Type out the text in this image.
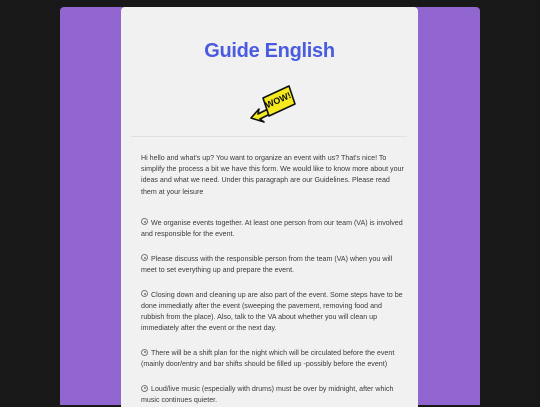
Guide English
WOW!

Hi hello and what's up? You want to organize an event with us? That's nice! To simplify the process a bit we have this form. We would like to know more about your ideas and what we need. Under this paragraph are our Guidelines. Please read them at your leisure

We organise events together. At least one person from our team (VA) is involved and responsible for the event.

Please discuss with the responsible person from the team (VA) when you will meet to set everything up and prepare the event.

Closing down and cleaning up are also part of the event. Some steps have to be done immediatly after the event (sweeping the pavement, removing food and rubbish from the place). Also, talk to the VA about whether you will clean up immediately after the event or the next day.

There will be a shift plan for the night which will be circulated before the event (mainly door/entry and bar shifts should be filled up -possibly before the event)

Loud/live music (especially with drums) must be over by midnight, after which music continues quieter.
